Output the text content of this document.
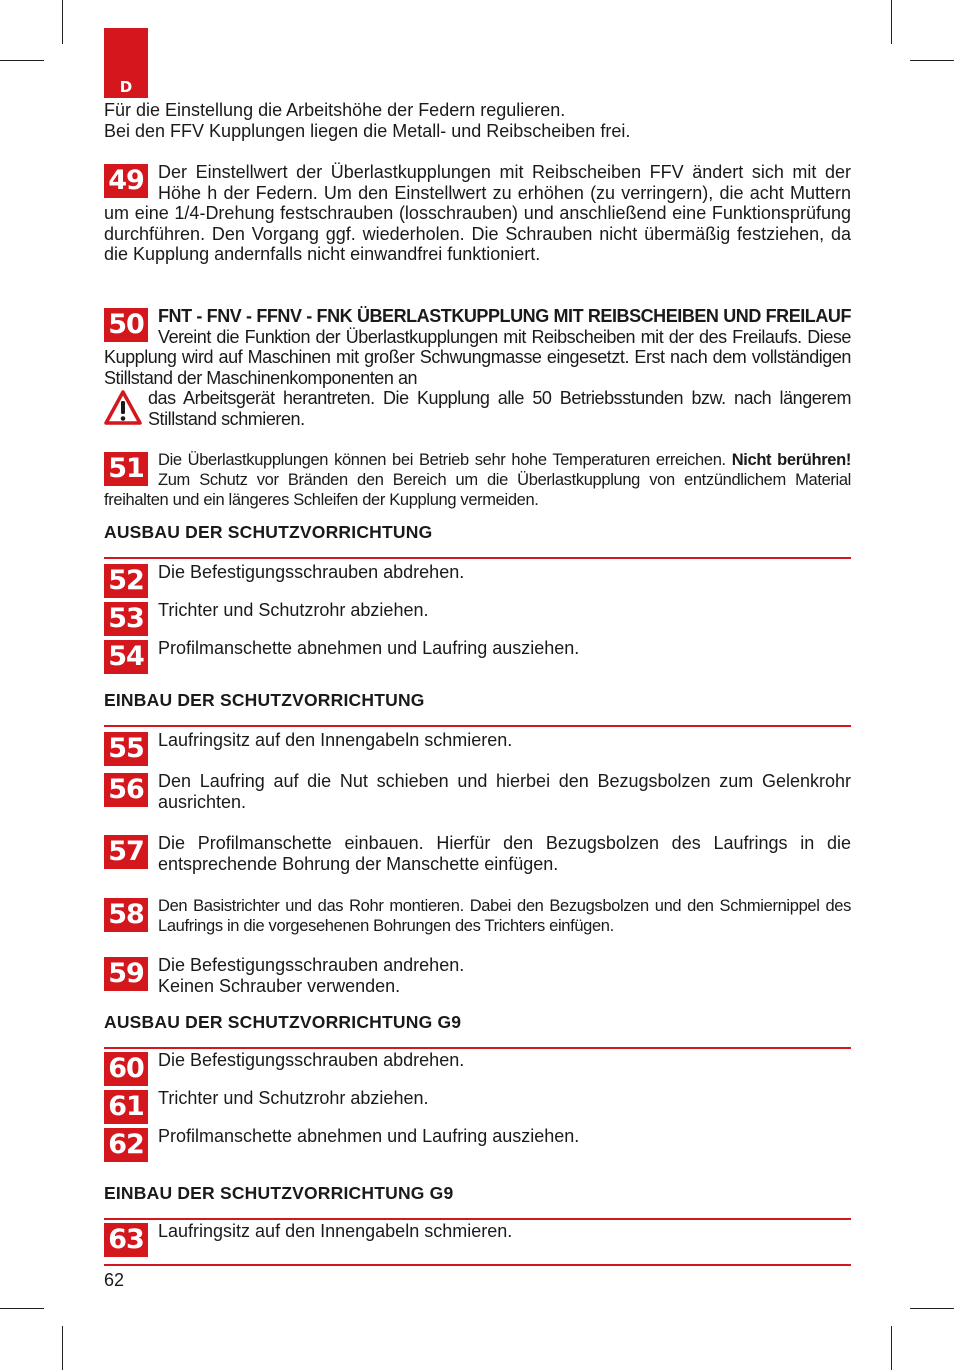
D

Für die Einstellung die Arbeitshöhe der Federn regulieren.

Bei den FFV Kupplungen liegen die Metall- und Reibscheiben frei.

49 Der Einstellwert der Überlastkupplungen mit Reibscheiben FFV ändert sich mit der Höhe h der Federn. Um den Einstellwert zu erhöhen (zu verringern), die acht Muttern um eine 1/4-Drehung festschrauben (losschrauben) und anschließend eine Funktionsprüfung durchführen. Den Vorgang ggf. wiederholen. Die Schrauben nicht übermäßig festziehen, da die Kupplung andernfalls nicht einwandfrei funktioniert.
50 FNT - FNV - FFNV - FNK ÜBERLASTKUPPLUNG MIT REIBSCHEIBEN UND FREILAUF Vereint die Funktion der Überlastkupplungen mit Reibscheiben mit der des Freilaufs. Diese Kupplung wird auf Maschinen mit großer Schwungmasse eingesetzt. Erst nach dem vollständigen Stillstand der Maschinenkomponenten an
das Arbeitsgerät herantreten. Die Kupplung alle 50 Betriebsstunden bzw. nach längerem Stillstand schmieren.
51 Die Überlastkupplungen können bei Betrieb sehr hohe Temperaturen erreichen. Nicht berühren! Zum Schutz vor Bränden den Bereich um die Überlastkupplung von entzündlichem Material freihalten und ein längeres Schleifen der Kupplung vermeiden.
AUSBAU DER SCHUTZVORRICHTUNG
52 Die Befestigungsschrauben abdrehen.
53 Trichter und Schutzrohr abziehen.
54 Profilmanschette abnehmen und Laufring ausziehen.
EINBAU DER SCHUTZVORRICHTUNG
55 Laufringsitz auf den Innengabeln schmieren.
56 Den Laufring auf die Nut schieben und hierbei den Bezugsbolzen zum Gelenkrohr ausrichten.
57 Die Profilmanschette einbauen. Hierfür den Bezugsbolzen des Laufrings in die entsprechende Bohrung der Manschette einfügen.
58 Den Basistrichter und das Rohr montieren. Dabei den Bezugsbolzen und den Schmiernippel des Laufrings in die vorgesehenen Bohrungen des Trichters einfügen.
59 Die Befestigungsschrauben andrehen.
Keinen Schrauber verwenden.
AUSBAU DER SCHUTZVORRICHTUNG G9
60 Die Befestigungsschrauben abdrehen.
61 Trichter und Schutzrohr abziehen.
62 Profilmanschette abnehmen und Laufring ausziehen.
EINBAU DER SCHUTZVORRICHTUNG G9
63 Laufringsitz auf den Innengabeln schmieren.
62
